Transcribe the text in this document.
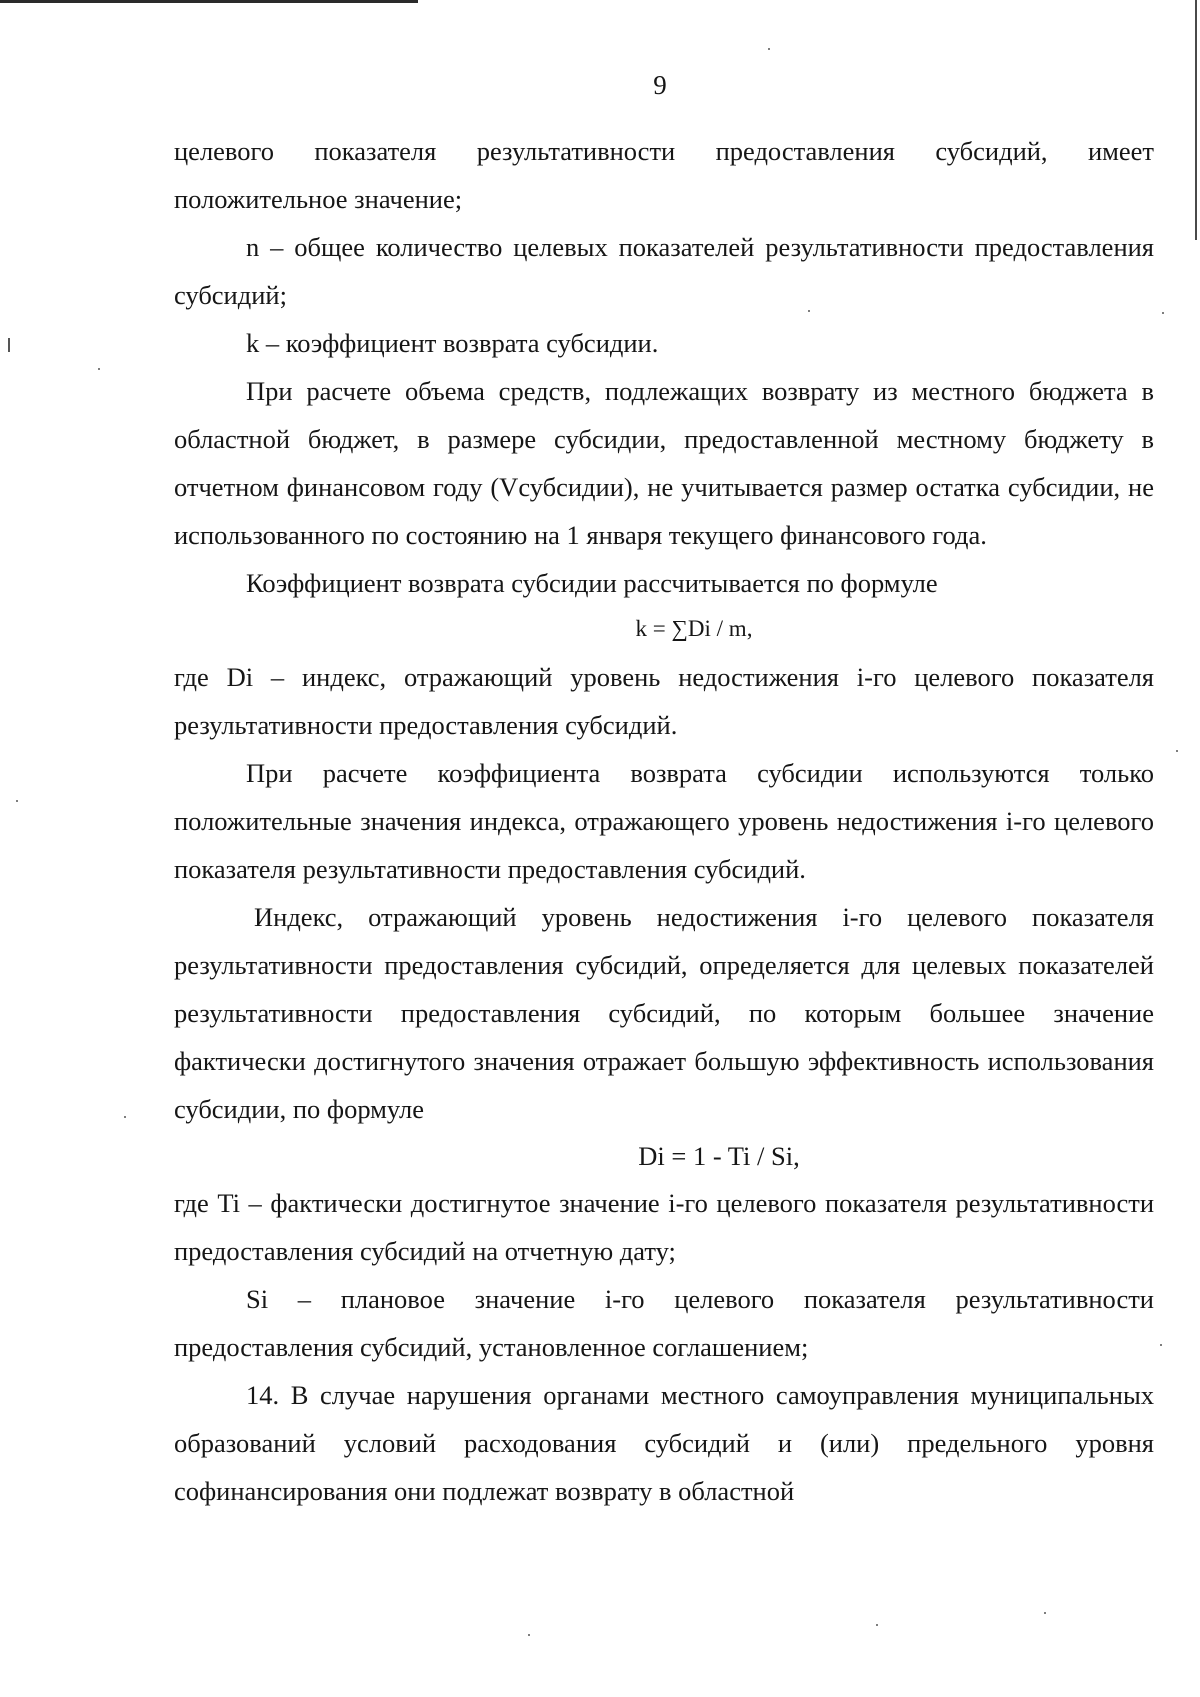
9

целевого показателя результативности предоставления субсидий, имеет положительное значение;

n – общее количество целевых показателей результативности предоставления субсидий;

k – коэффициент возврата субсидии.

При расчете объема средств, подлежащих возврату из местного бюджета в областной бюджет, в размере субсидии, предоставленной местному бюджету в отчетном финансовом году (Vсубсидии), не учитывается размер остатка субсидии, не использованного по состоянию на 1 января текущего финансового года.

Коэффициент возврата субсидии рассчитывается по формуле

k = ∑Di / m,

где Di – индекс, отражающий уровень недостижения i-го целевого показателя результативности предоставления субсидий.

При расчете коэффициента возврата субсидии используются только положительные значения индекса, отражающего уровень недостижения i-го целевого показателя результативности предоставления субсидий.

Индекс, отражающий уровень недостижения i-го целевого показателя результативности предоставления субсидий, определяется для целевых показателей результативности предоставления субсидий, по которым большее значение фактически достигнутого значения отражает большую эффективность использования субсидии, по формуле

Di = 1 - Ti / Si,

где Ti – фактически достигнутое значение i-го целевого показателя результативности предоставления субсидий на отчетную дату;

Si – плановое значение i-го целевого показателя результативности предоставления субсидий, установленное соглашением;

14. В случае нарушения органами местного самоуправления муниципальных образований условий расходования субсидий и (или) предельного уровня софинансирования они подлежат возврату в областной
